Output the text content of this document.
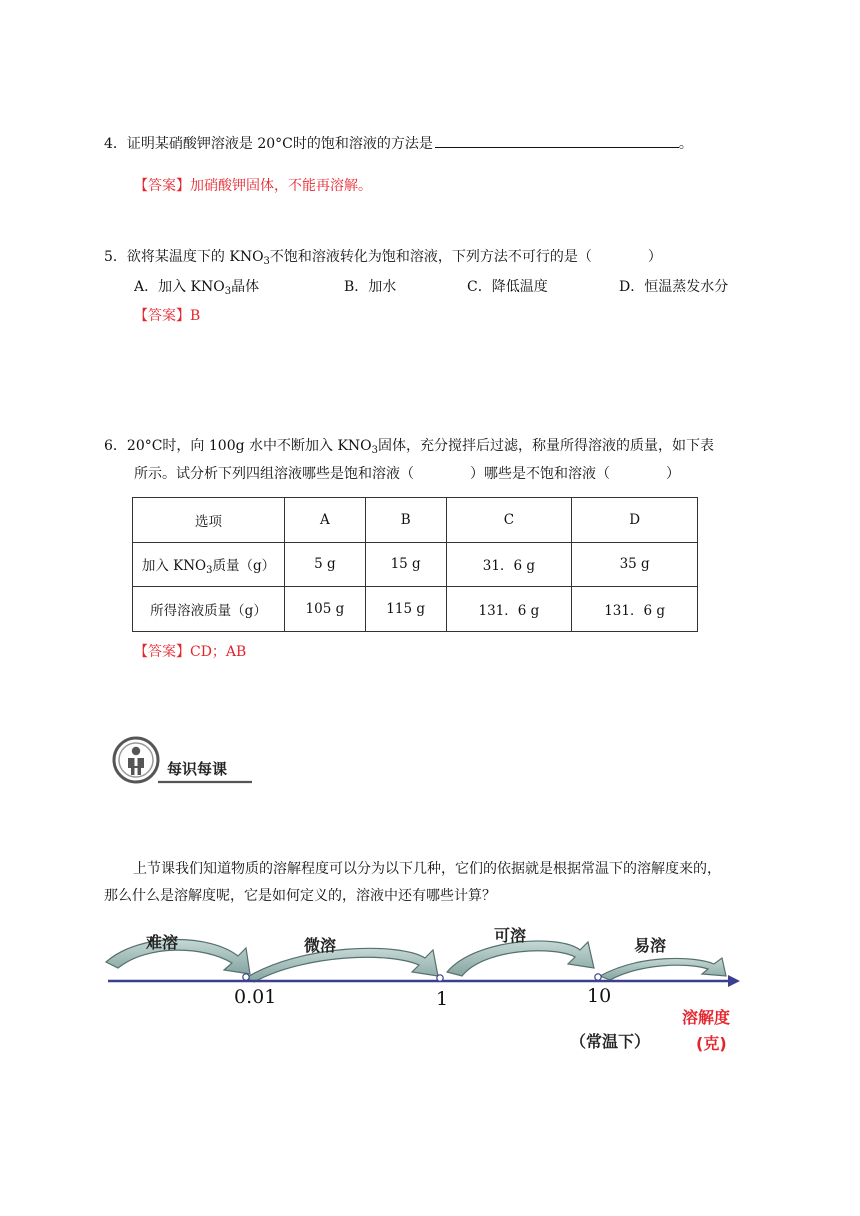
4．证明某硝酸钾溶液是 20°C时的饱和溶液的方法是	。
【答案】加硝酸钾固体，不能再溶解。
5．欲将某温度下的 $KNO_3$不饱和溶液转化为饱和溶液，下列方法不可行的是（　　　　）
A．加入 $KNO_3$晶体	B．加水	C．降低温度	D．恒温蒸发水分
【答案】B
6．20°C时，向 100g 水中不断加入 $KNO_3$固体，充分搅拌后过滤，称量所得溶液的质量，如下表
所示。试分析下列四组溶液哪些是饱和溶液（　　　　）哪些是不饱和溶液（　　　　）
选项	A	B	C	D
加入 $KNO_3$质量（g）	5 g	15 g	31．6 g	35 g
所得溶液质量（g）	105 g	115 g	131．6 g	131．6 g
【答案】CD；AB
每识每课
上节课我们知道物质的溶解程度可以分为以下几种，它们的依据就是根据常温下的溶解度来的，
那么什么是溶解度呢，它是如何定义的，溶液中还有哪些计算？
难溶	微溶
可溶
易溶
0.01	1	10
溶解度
(克)
（常温下）
